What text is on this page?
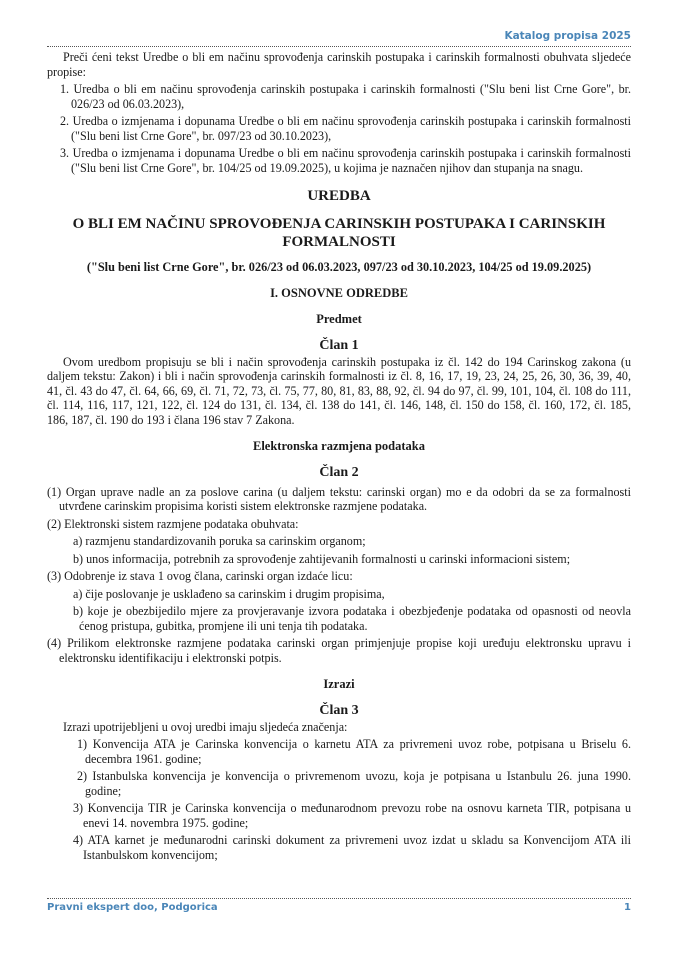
Katalog propisa 2025

Preči ćeni tekst Uredbe o bli em načinu sprovođenja carinskih postupaka i carinskih formalnosti obuhvata sljedeće propise:

1. Uredba o bli em načinu sprovođenja carinskih postupaka i carinskih formalnosti ("Slu beni list Crne Gore", br. 026/23 od 06.03.2023),

2. Uredba o izmjenama i dopunama Uredbe o bli em načinu sprovođenja carinskih postupaka i carinskih formalnosti ("Slu beni list Crne Gore", br. 097/23 od 30.10.2023),

3. Uredba o izmjenama i dopunama Uredbe o bli em načinu sprovođenja carinskih postupaka i carinskih formalnosti ("Slu beni list Crne Gore", br. 104/25 od 19.09.2025), u kojima je naznačen njihov dan stupanja na snagu.

UREDBA

O BLI EM NAČINU SPROVOĐENJA CARINSKIH POSTUPAKA I CARINSKIH FORMALNOSTI

("Slu beni list Crne Gore", br. 026/23 od 06.03.2023, 097/23 od 30.10.2023, 104/25 od 19.09.2025)

I. OSNOVNE ODREDBE

Predmet

Član 1

Ovom uredbom propisuju se bli i način sprovođenja carinskih postupaka iz čl. 142 do 194 Carinskog zakona (u daljem tekstu: Zakon) i bli i način sprovođenja carinskih formalnosti iz čl. 8, 16, 17, 19, 23, 24, 25, 26, 30, 36, 39, 40, 41, čl. 43 do 47, čl. 64, 66, 69, čl. 71, 72, 73, čl. 75, 77, 80, 81, 83, 88, 92, čl. 94 do 97, čl. 99, 101, 104, čl. 108 do 111, čl. 114, 116, 117, 121, 122, čl. 124 do 131, čl. 134, čl. 138 do 141, čl. 146, 148, čl. 150 do 158, čl. 160, 172, čl. 185, 186, 187, čl. 190 do 193 i člana 196 stav 7 Zakona.

Elektronska razmjena podataka

Član 2

(1) Organ uprave nadle an za poslove carina (u daljem tekstu: carinski organ) mo e da odobri da se za formalnosti utvrđene carinskim propisima koristi sistem elektronske razmjene podataka.

(2) Elektronski sistem razmjene podataka obuhvata:

a) razmjenu standardizovanih poruka sa carinskim organom;

b) unos informacija, potrebnih za sprovođenje zahtijevanih formalnosti u carinski informacioni sistem;

(3) Odobrenje iz stava 1 ovog člana, carinski organ izdaće licu:

a) čije poslovanje je usklađeno sa carinskim i drugim propisima,

b) koje je obezbijedilo mjere za provjeravanje izvora podataka i obezbjeđenje podataka od opasnosti od neovla ćenog pristupa, gubitka, promjene ili uni tenja tih podataka.

(4) Prilikom elektronske razmjene podataka carinski organ primjenjuje propise koji uređuju elektronsku upravu i elektronsku identifikaciju i elektronski potpis.

Izrazi

Član 3

Izrazi upotrijebljeni u ovoj uredbi imaju sljedeća značenja:

1) Konvencija ATA je Carinska konvencija o karnetu ATA za privremeni uvoz robe, potpisana u Briselu 6. decembra 1961. godine;

2) Istanbulska konvencija je konvencija o privremenom uvozu, koja je potpisana u Istanbulu 26. juna 1990. godine;

3) Konvencija TIR je Carinska konvencija o međunarodnom prevozu robe na osnovu karneta TIR, potpisana u enevi 14. novembra 1975. godine;

4) ATA karnet je međunarodni carinski dokument za privremeni uvoz izdat u skladu sa Konvencijom ATA ili Istanbulskom konvencijom;

Pravni ekspert doo, Podgorica	1
